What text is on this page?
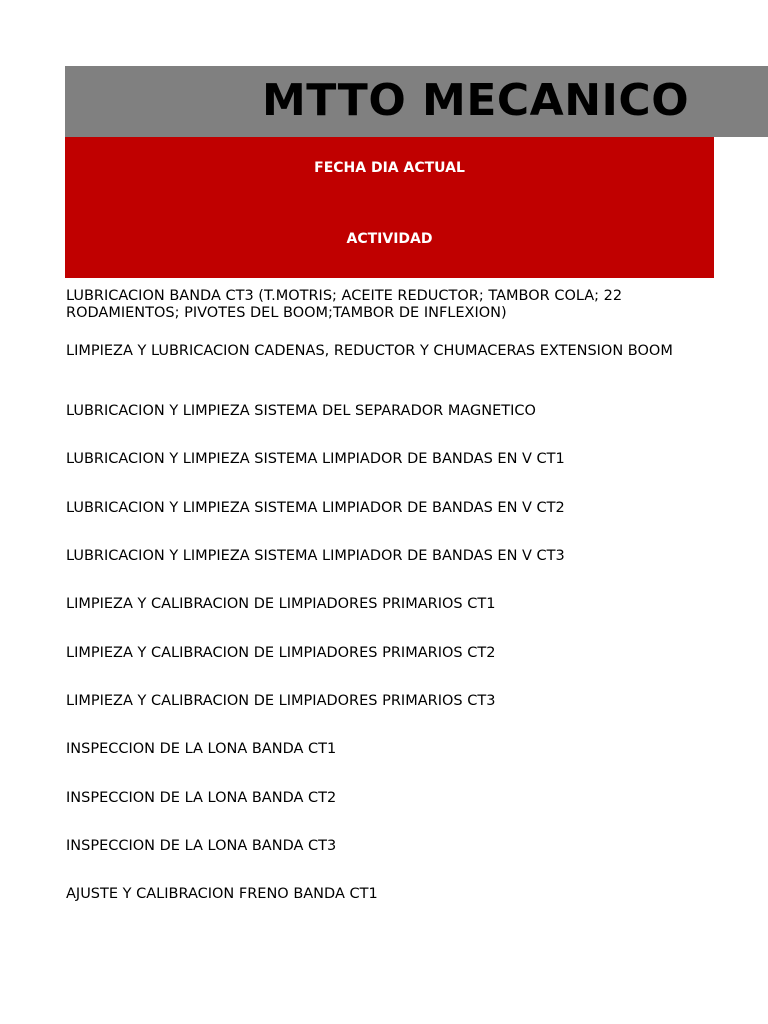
MTTO MECANICO
FECHA DIA ACTUAL
ACTIVIDAD
LUBRICACION BANDA CT3 (T.MOTRIS; ACEITE REDUCTOR; TAMBOR COLA; 22 RODAMIENTOS; PIVOTES DEL BOOM;TAMBOR DE INFLEXION)
LIMPIEZA Y LUBRICACION CADENAS, REDUCTOR Y CHUMACERAS EXTENSION BOOM
LUBRICACION Y LIMPIEZA SISTEMA DEL SEPARADOR MAGNETICO
LUBRICACION Y LIMPIEZA SISTEMA LIMPIADOR DE BANDAS EN V CT1
LUBRICACION Y LIMPIEZA SISTEMA LIMPIADOR DE BANDAS EN V CT2
LUBRICACION Y LIMPIEZA SISTEMA LIMPIADOR DE BANDAS EN V CT3
LIMPIEZA Y CALIBRACION DE LIMPIADORES PRIMARIOS CT1
LIMPIEZA Y CALIBRACION DE LIMPIADORES PRIMARIOS CT2
LIMPIEZA Y CALIBRACION DE LIMPIADORES PRIMARIOS CT3
INSPECCION DE LA LONA BANDA CT1
INSPECCION DE LA LONA BANDA CT2
INSPECCION DE LA LONA BANDA CT3
AJUSTE Y CALIBRACION FRENO BANDA CT1
